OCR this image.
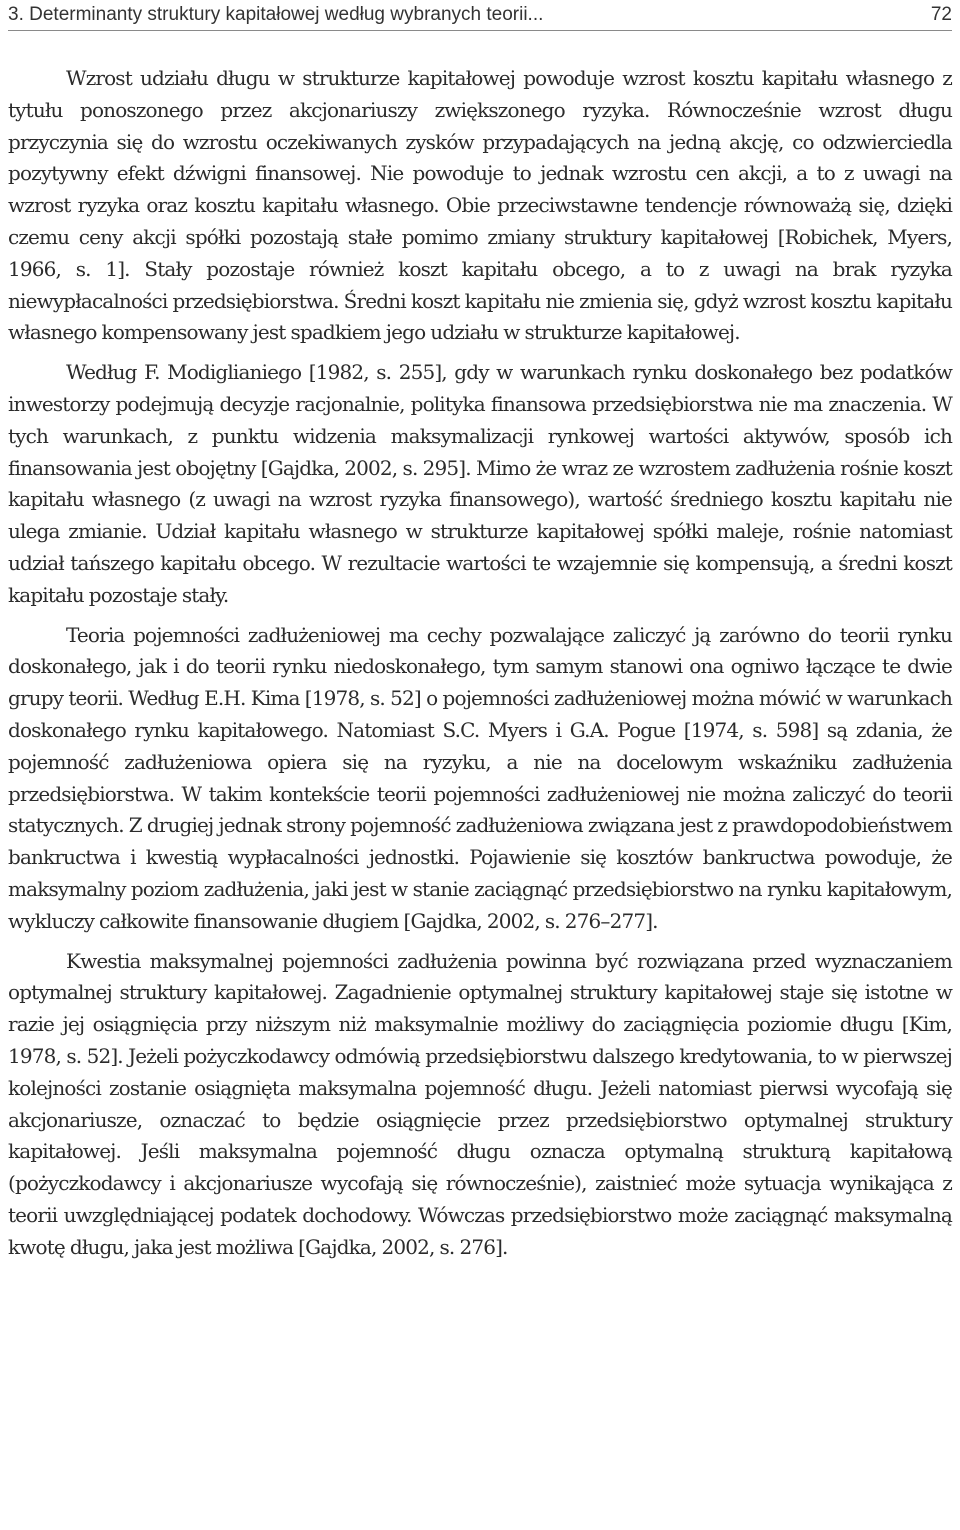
3. Determinanty struktury kapitałowej według wybranych teorii...	72

Wzrost udziału długu w strukturze kapitałowej powoduje wzrost kosztu kapitału własnego z tytułu ponoszonego przez akcjonariuszy zwiększonego ryzyka. Równocześnie wzrost długu przyczynia się do wzrostu oczekiwanych zysków przypadających na jedną akcję, co odzwierciedla pozytywny efekt dźwigni finansowej. Nie powoduje to jednak wzrostu cen akcji, a to z uwagi na wzrost ryzyka oraz kosztu kapitału własnego. Obie przeciwstawne tendencje równoważą się, dzięki czemu ceny akcji spółki pozostają stałe pomimo zmiany struktury kapitałowej [Robichek, Myers, 1966, s. 1]. Stały pozostaje również koszt kapitału obcego, a to z uwagi na brak ryzyka niewypłacalności przedsiębiorstwa. Średni koszt kapitału nie zmienia się, gdyż wzrost kosztu kapitału własnego kompensowany jest spadkiem jego udziału w strukturze kapitałowej.

Według F. Modiglianiego [1982, s. 255], gdy w warunkach rynku doskonałego bez podatków inwestorzy podejmują decyzje racjonalnie, polityka finansowa przedsiębiorstwa nie ma znaczenia. W tych warunkach, z punktu widzenia maksymalizacji rynkowej wartości aktywów, sposób ich finansowania jest obojętny [Gajdka, 2002, s. 295]. Mimo że wraz ze wzrostem zadłużenia rośnie koszt kapitału własnego (z uwagi na wzrost ryzyka finansowego), wartość średniego kosztu kapitału nie ulega zmianie. Udział kapitału własnego w strukturze kapitałowej spółki maleje, rośnie natomiast udział tańszego kapitału obcego. W rezultacie wartości te wzajemnie się kompensują, a średni koszt kapitału pozostaje stały.

Teoria pojemności zadłużeniowej ma cechy pozwalające zaliczyć ją zarówno do teorii rynku doskonałego, jak i do teorii rynku niedoskonałego, tym samym stanowi ona ogniwo łączące te dwie grupy teorii. Według E.H. Kima [1978, s. 52] o pojemności zadłużeniowej można mówić w warunkach doskonałego rynku kapitałowego. Natomiast S.C. Myers i G.A. Pogue [1974, s. 598] są zdania, że pojemność zadłużeniowa opiera się na ryzyku, a nie na docelowym wskaźniku zadłużenia przedsiębiorstwa. W takim kontekście teorii pojemności zadłużeniowej nie można zaliczyć do teorii statycznych. Z drugiej jednak strony pojemność zadłużeniowa związana jest z prawdopodobieństwem bankructwa i kwestią wypłacalności jednostki. Pojawienie się kosztów bankructwa powoduje, że maksymalny poziom zadłużenia, jaki jest w stanie zaciągnąć przedsiębiorstwo na rynku kapitałowym, wykluczy całkowite finansowanie długiem [Gajdka, 2002, s. 276–277].

Kwestia maksymalnej pojemności zadłużenia powinna być rozwiązana przed wyznaczaniem optymalnej struktury kapitałowej. Zagadnienie optymalnej struktury kapitałowej staje się istotne w razie jej osiągnięcia przy niższym niż maksymalnie możliwy do zaciągnięcia poziomie długu [Kim, 1978, s. 52]. Jeżeli pożyczkodawcy odmówią przedsiębiorstwu dalszego kredytowania, to w pierwszej kolejności zostanie osiągnięta maksymalna pojemność długu. Jeżeli natomiast pierwsi wycofają się akcjonariusze, oznaczać to będzie osiągnięcie przez przedsiębiorstwo optymalnej struktury kapitałowej. Jeśli maksymalna pojemność długu oznacza optymalną strukturą kapitałową (pożyczkodawcy i akcjonariusze wycofają się równocześnie), zaistnieć może sytuacja wynikająca z teorii uwzględniającej podatek dochodowy. Wówczas przedsiębiorstwo może zaciągnąć maksymalną kwotę długu, jaka jest możliwa [Gajdka, 2002, s. 276].
